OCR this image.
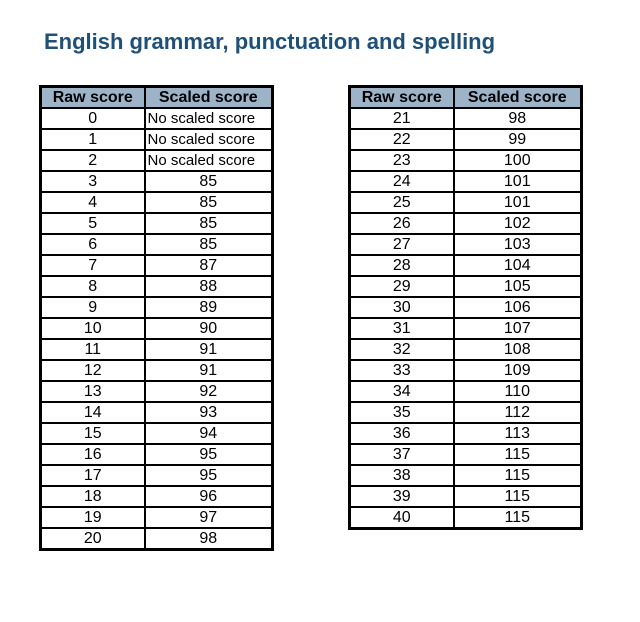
English grammar, punctuation and spelling
Raw score	Scaled score
0	No scaled score
1	No scaled score
2	No scaled score
3	85
4	85
5	85
6	85
7	87
8	88
9	89
10	90
11	91
12	91
13	92
14	93
15	94
16	95
17	95
18	96
19	97
20	98
Raw score	Scaled score
21	98
22	99
23	100
24	101
25	101
26	102
27	103
28	104
29	105
30	106
31	107
32	108
33	109
34	110
35	112
36	113
37	115
38	115
39	115
40	115
